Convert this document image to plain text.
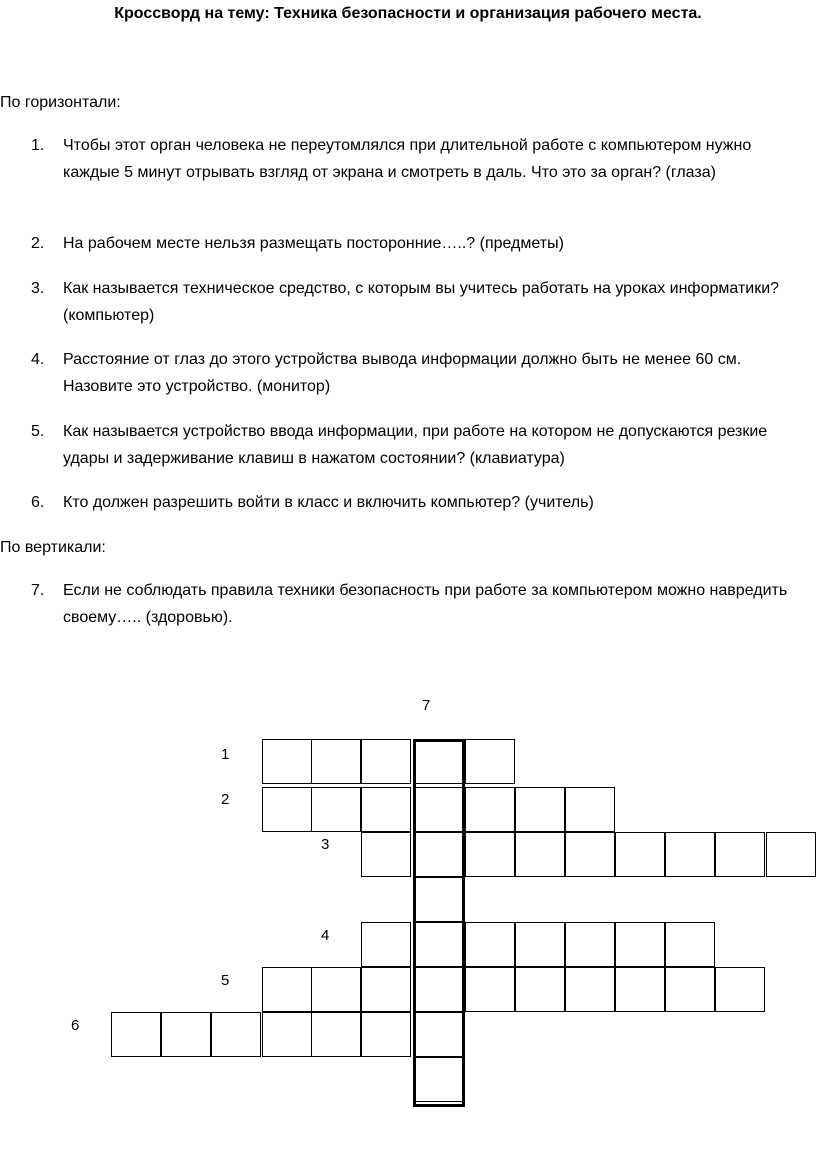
Кроссворд на тему: Техника безопасности и организация рабочего места.
По горизонтали:
1. Чтобы этот орган человека не переутомлялся при длительной работе с компьютером нужно каждые 5 минут отрывать взгляд от экрана и смотреть в даль. Что это за орган? (глаза)
2. На рабочем месте нельзя размещать посторонние…..? (предметы)
3. Как называется техническое средство, с которым вы учитесь работать на уроках информатики? (компьютер)
4. Расстояние от глаз до этого устройства вывода информации должно быть не менее 60 см. Назовите это устройство. (монитор)
5. Как называется устройство ввода информации, при работе на котором не допускаются резкие удары и задерживание клавиш в нажатом состоянии? (клавиатура)
6. Кто должен разрешить войти в класс и включить компьютер? (учитель)
По вертикали:
7. Если не соблюдать правила техники безопасность при работе за компьютером можно навредить своему….. (здоровью).
7
1
2
3
4
5
6
